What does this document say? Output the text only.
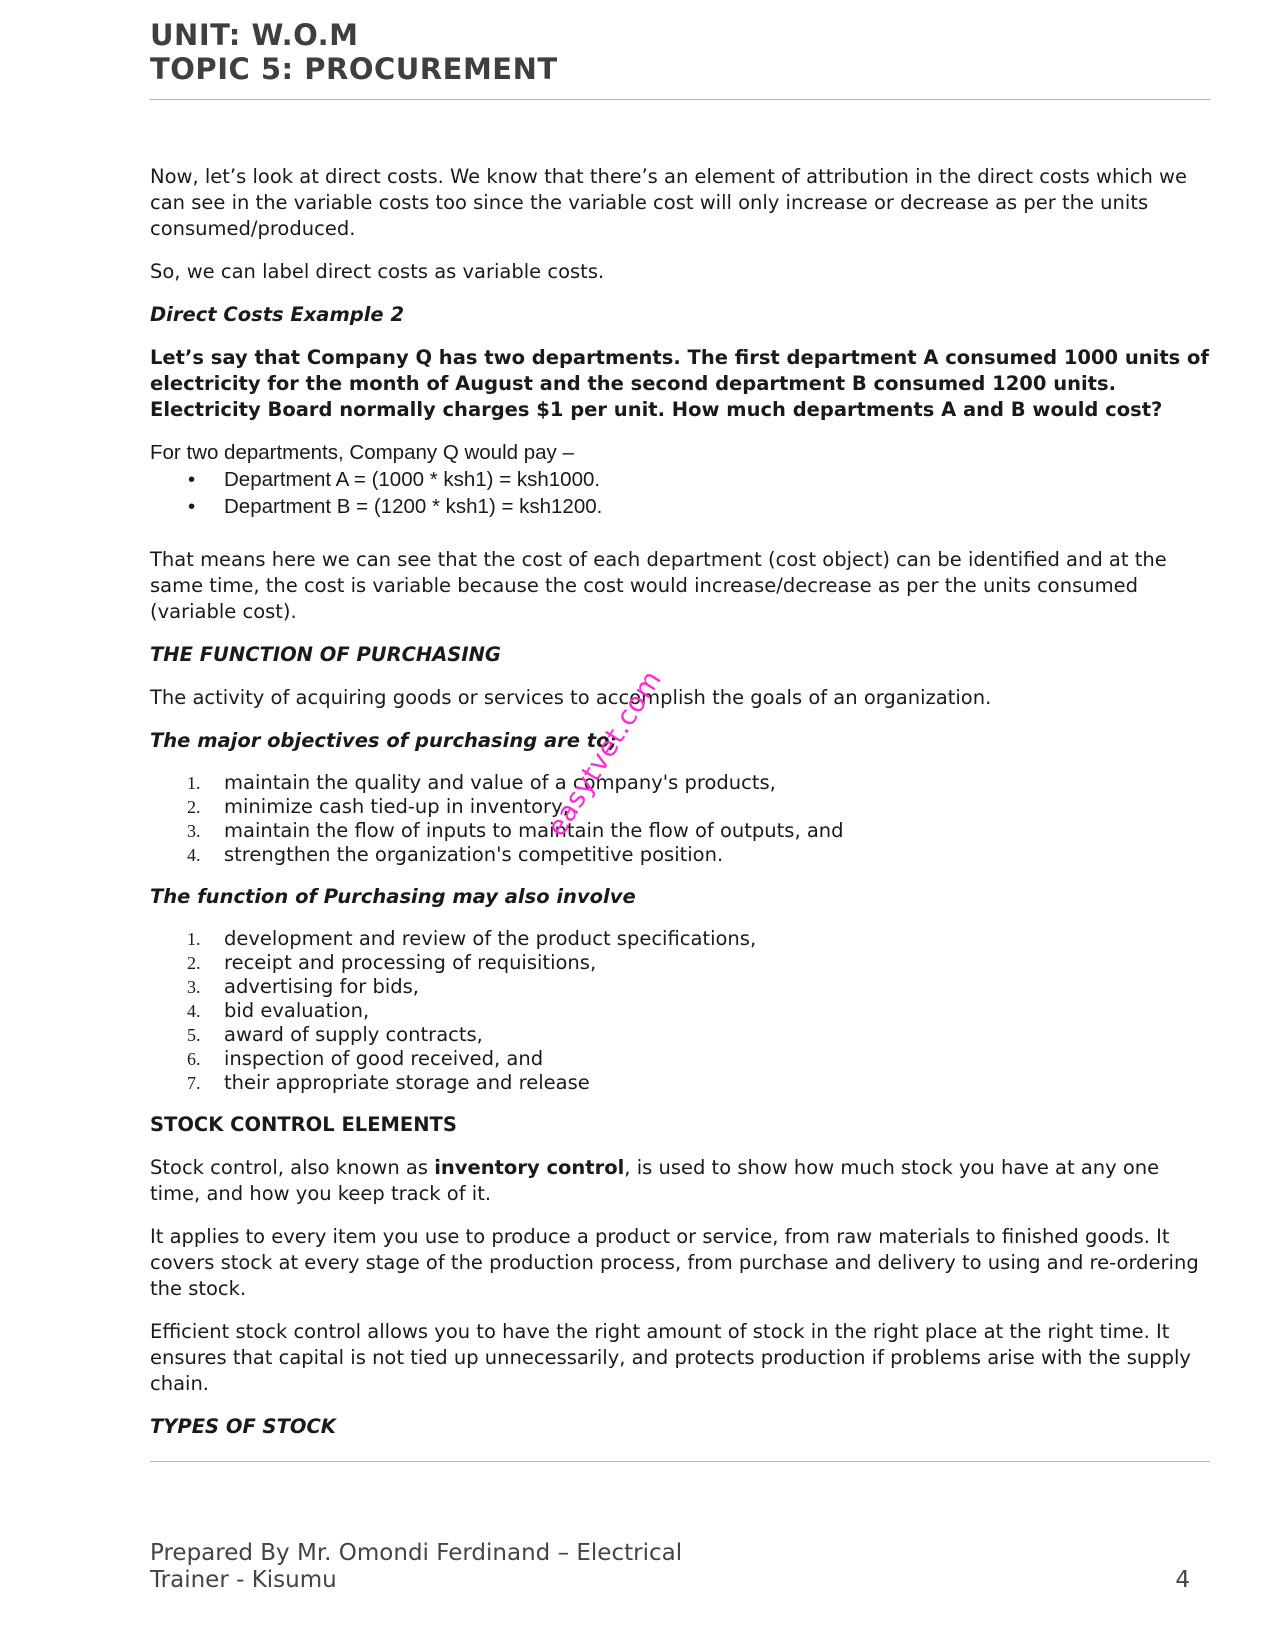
UNIT: W.O.M
TOPIC 5: PROCUREMENT

Now, let’s look at direct costs. We know that there’s an element of attribution in the direct costs which we can see in the variable costs too since the variable cost will only increase or decrease as per the units consumed/produced.

So, we can label direct costs as variable costs.

Direct Costs Example 2

Let’s say that Company Q has two departments. The first department A consumed 1000 units of electricity for the month of August and the second department B consumed 1200 units. Electricity Board normally charges $1 per unit. How much departments A and B would cost?

For two departments, Company Q would pay –
• Department A = (1000 * ksh1) = ksh1000.
• Department B = (1200 * ksh1) = ksh1200.

That means here we can see that the cost of each department (cost object) can be identified and at the same time, the cost is variable because the cost would increase/decrease as per the units consumed (variable cost).

THE FUNCTION OF PURCHASING

The activity of acquiring goods or services to accomplish the goals of an organization.

The major objectives of purchasing are to;

1. maintain the quality and value of a company's products,
2. minimize cash tied-up in inventory,
3. maintain the flow of inputs to maintain the flow of outputs, and
4. strengthen the organization's competitive position.

The function of Purchasing may also involve

1. development and review of the product specifications,
2. receipt and processing of requisitions,
3. advertising for bids,
4. bid evaluation,
5. award of supply contracts,
6. inspection of good received, and
7. their appropriate storage and release

STOCK CONTROL ELEMENTS

Stock control, also known as inventory control, is used to show how much stock you have at any one time, and how you keep track of it.

It applies to every item you use to produce a product or service, from raw materials to finished goods. It covers stock at every stage of the production process, from purchase and delivery to using and re-ordering the stock.

Efficient stock control allows you to have the right amount of stock in the right place at the right time. It ensures that capital is not tied up unnecessarily, and protects production if problems arise with the supply chain.

TYPES OF STOCK

easytvet.com
Prepared By Mr. Omondi Ferdinand – Electrical
Trainer - Kisumu	4
